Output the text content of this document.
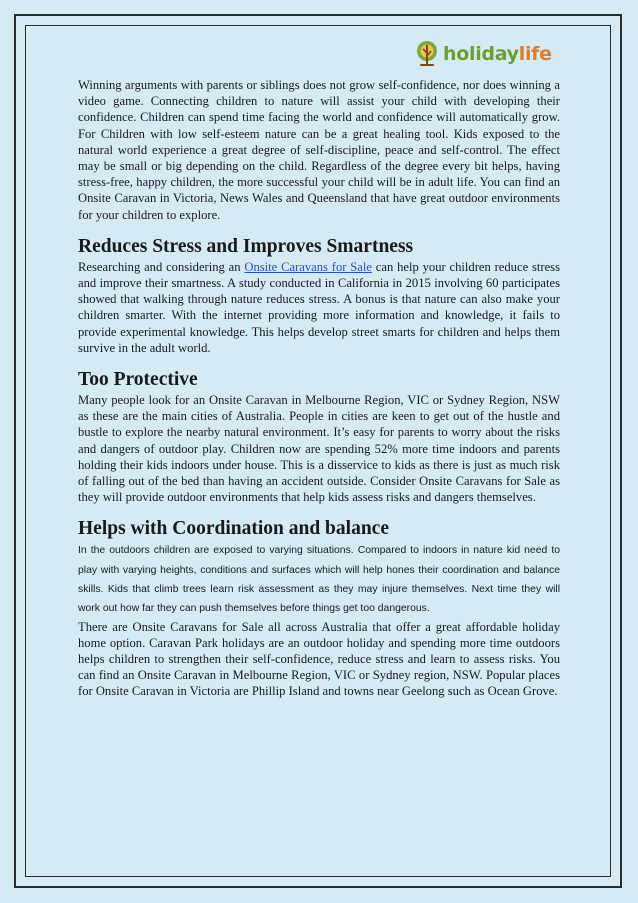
holidaylife

Winning arguments with parents or siblings does not grow self-confidence, nor does winning a video game. Connecting children to nature will assist your child with developing their confidence. Children can spend time facing the world and confidence will automatically grow. For Children with low self-esteem nature can be a great healing tool. Kids exposed to the natural world experience a great degree of self-discipline, peace and self-control. The effect may be small or big depending on the child. Regardless of the degree every bit helps, having stress-free, happy children, the more successful your child will be in adult life. You can find an Onsite Caravan in Victoria, News Wales and Queensland that have great outdoor environments for your children to explore.

Reduces Stress and Improves Smartness

Researching and considering an Onsite Caravans for Sale can help your children reduce stress and improve their smartness. A study conducted in California in 2015 involving 60 participates showed that walking through nature reduces stress. A bonus is that nature can also make your children smarter. With the internet providing more information and knowledge, it fails to provide experimental knowledge. This helps develop street smarts for children and helps them survive in the adult world.

Too Protective

Many people look for an Onsite Caravan in Melbourne Region, VIC or Sydney Region, NSW as these are the main cities of Australia. People in cities are keen to get out of the hustle and bustle to explore the nearby natural environment. It’s easy for parents to worry about the risks and dangers of outdoor play. Children now are spending 52% more time indoors and parents holding their kids indoors under house. This is a disservice to kids as there is just as much risk of falling out of the bed than having an accident outside. Consider Onsite Caravans for Sale as they will provide outdoor environments that help kids assess risks and dangers themselves.

Helps with Coordination and balance

In the outdoors children are exposed to varying situations. Compared to indoors in nature kid need to play with varying heights, conditions and surfaces which will help hones their coordination and balance skills. Kids that climb trees learn risk assessment as they may injure themselves. Next time they will work out how far they can push themselves before things get too dangerous.

There are Onsite Caravans for Sale all across Australia that offer a great affordable holiday home option. Caravan Park holidays are an outdoor holiday and spending more time outdoors helps children to strengthen their self-confidence, reduce stress and learn to assess risks. You can find an Onsite Caravan in Melbourne Region, VIC or Sydney region, NSW. Popular places for Onsite Caravan in Victoria are Phillip Island and towns near Geelong such as Ocean Grove.
